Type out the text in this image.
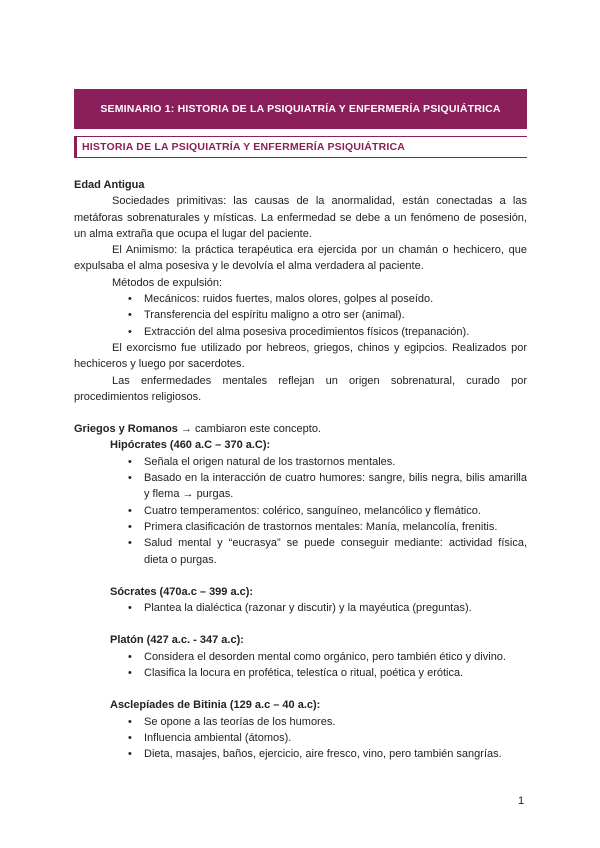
SEMINARIO 1: HISTORIA DE LA PSIQUIATRÍA Y ENFERMERÍA PSIQUIÁTRICA
HISTORIA DE LA PSIQUIATRÍA Y ENFERMERÍA PSIQUIÁTRICA

Edad Antigua

Sociedades primitivas: las causas de la anormalidad, están conectadas a las metáforas sobrenaturales y místicas. La enfermedad se debe a un fenómeno de posesión, un alma extraña que ocupa el lugar del paciente.

El Animismo: la práctica terapéutica era ejercida por un chamán o hechicero, que expulsaba el alma posesiva y le devolvía el alma verdadera al paciente.

Métodos de expulsión:

• Mecánicos: ruidos fuertes, malos olores, golpes al poseído.
• Transferencia del espíritu maligno a otro ser (animal).
• Extracción del alma posesiva procedimientos físicos (trepanación).

El exorcismo fue utilizado por hebreos, griegos, chinos y egipcios. Realizados por hechiceros y luego por sacerdotes.

Las enfermedades mentales reflejan un origen sobrenatural, curado por procedimientos religiosos.

Griegos y Romanos → cambiaron este concepto.

Hipócrates (460 a.C – 370 a.C):

• Señala el origen natural de los trastornos mentales.
• Basado en la interacción de cuatro humores: sangre, bilis negra, bilis amarilla y flema → purgas.
• Cuatro temperamentos: colérico, sanguíneo, melancólico y flemático.
• Primera clasificación de trastornos mentales: Manía, melancolía, frenitis.
• Salud mental y “eucrasya” se puede conseguir mediante: actividad física, dieta o purgas.

Sócrates (470a.c – 399 a.c):

• Plantea la dialéctica (razonar y discutir) y la mayéutica (preguntas).

Platón (427 a.c. - 347 a.c):

• Considera el desorden mental como orgánico, pero también ético y divino.
• Clasifica la locura en profética, telestíca o ritual, poética y erótica.

Asclepíades de Bitinia (129 a.c – 40 a.c):

• Se opone a las teorías de los humores.
• Influencia ambiental (átomos).
• Dieta, masajes, baños, ejercicio, aire fresco, vino, pero también sangrías.
1
